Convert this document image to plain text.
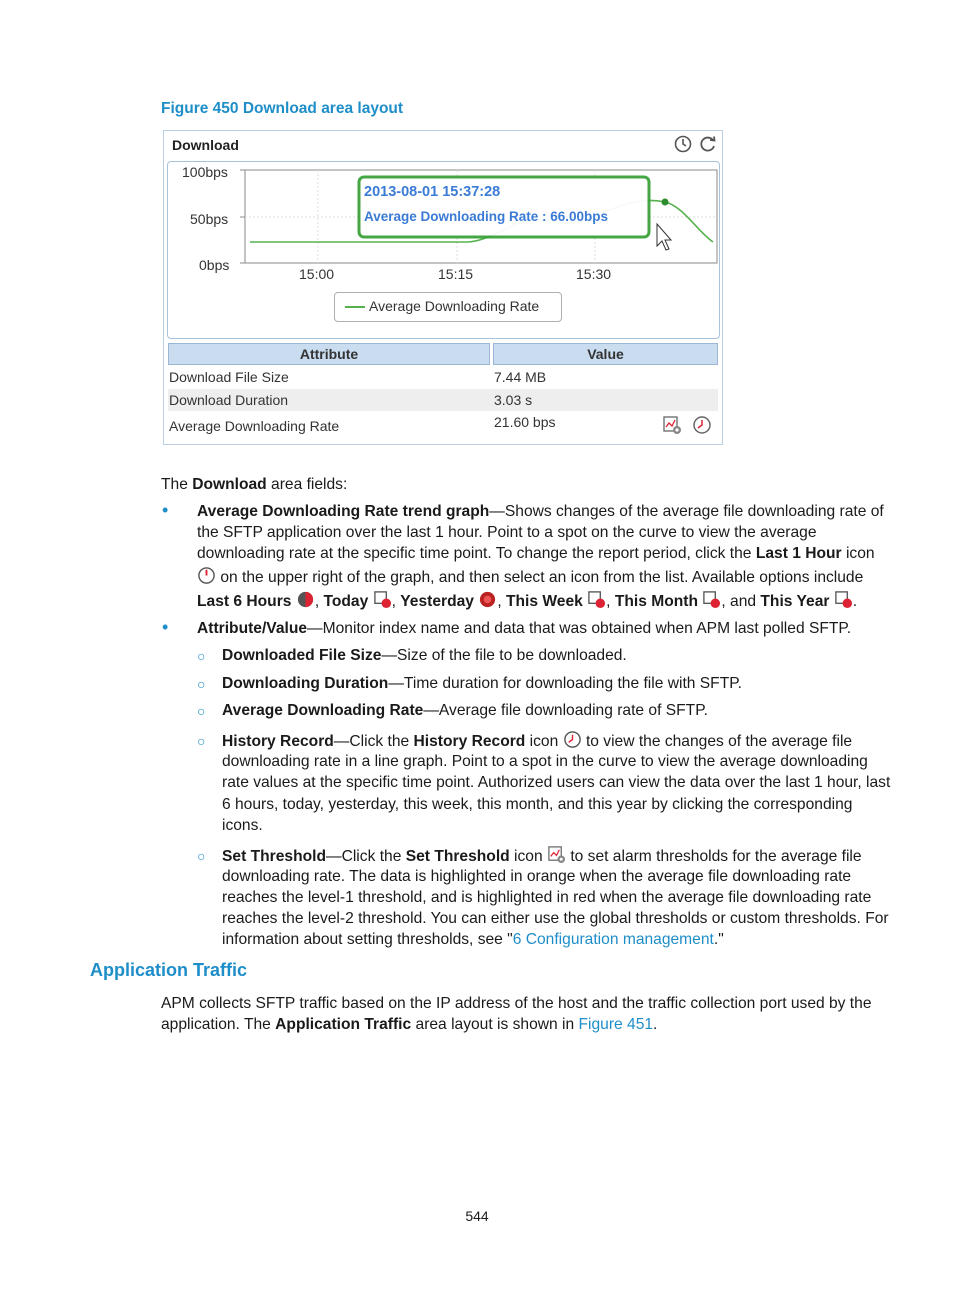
Figure 450 Download area layout
Download
100bps
50bps
0bps
15:00	15:15	15:30
2013-08-01 15:37:28
Average Downloading Rate : 66.00bps
Average Downloading Rate
Attribute	Value
Download File Size	7.44 MB
Download Duration	3.03 s
Average Downloading Rate	21.60 bps
The Download area fields:
• Average Downloading Rate trend graph—Shows changes of the average file downloading rate of
the SFTP application over the last 1 hour. Point to a spot on the curve to view the average
downloading rate at the specific time point. To change the report period, click the Last 1 Hour icon
on the upper right of the graph, and then select an icon from the list. Available options include
Last 6 Hours , Today , Yesterday , This Week , This Month , and This Year .
• Attribute/Value—Monitor index name and data that was obtained when APM last polled SFTP.
○ Downloaded File Size—Size of the file to be downloaded.
○ Downloading Duration—Time duration for downloading the file with SFTP.
○ Average Downloading Rate—Average file downloading rate of SFTP.
○ History Record—Click the History Record icon  to view the changes of the average file
downloading rate in a line graph. Point to a spot in the curve to view the average downloading
rate values at the specific time point. Authorized users can view the data over the last 1 hour, last
6 hours, today, yesterday, this week, this month, and this year by clicking the corresponding
icons.
○ Set Threshold—Click the Set Threshold icon  to set alarm thresholds for the average file
downloading rate. The data is highlighted in orange when the average file downloading rate
reaches the level-1 threshold, and is highlighted in red when the average file downloading rate
reaches the level-2 threshold. You can either use the global thresholds or custom thresholds. For
information about setting thresholds, see "6 Configuration management."
Application Traffic
APM collects SFTP traffic based on the IP address of the host and the traffic collection port used by the
application. The Application Traffic area layout is shown in Figure 451.
544
